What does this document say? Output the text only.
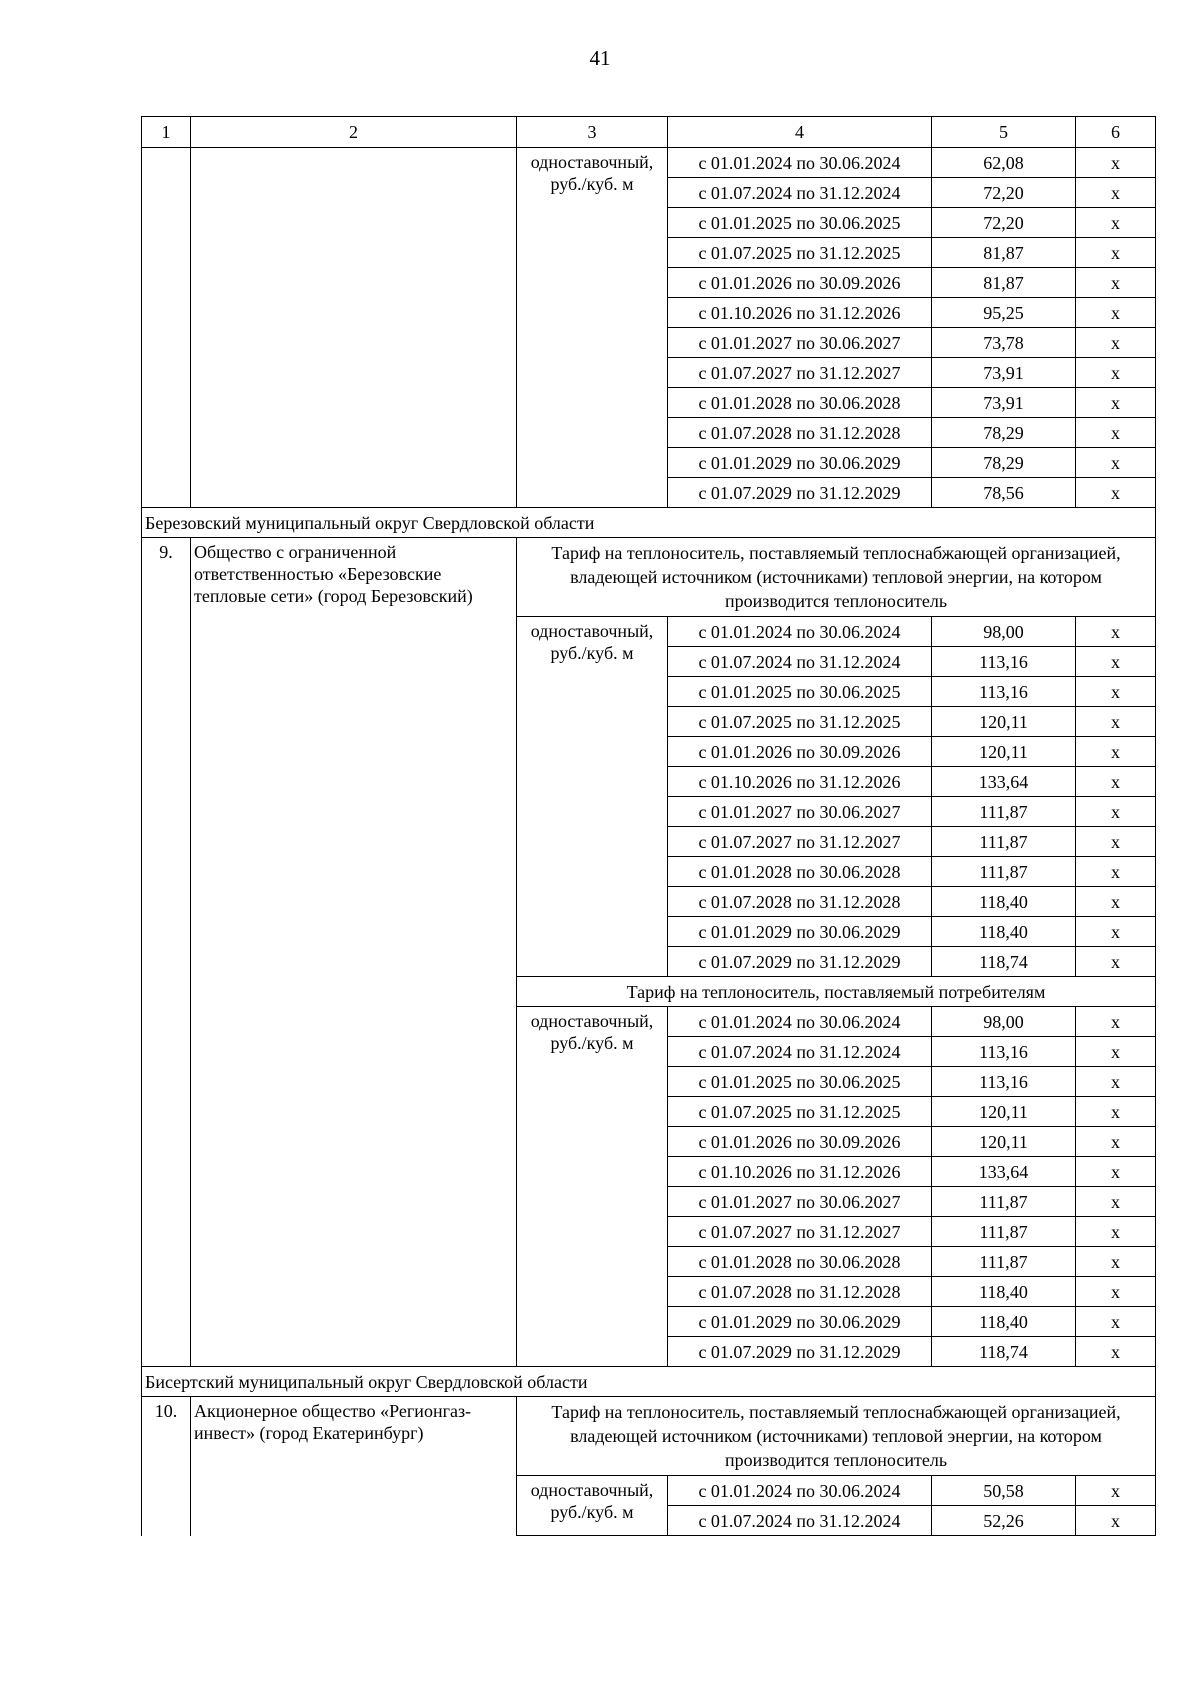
41
1	2	3	4	5	6
		одноставочный, руб./куб. м	с 01.01.2024 по 30.06.2024	62,08	х
			с 01.07.2024 по 31.12.2024	72,20	х
			с 01.01.2025 по 30.06.2025	72,20	х
			с 01.07.2025 по 31.12.2025	81,87	х
			с 01.01.2026 по 30.09.2026	81,87	х
			с 01.10.2026 по 31.12.2026	95,25	х
			с 01.01.2027 по 30.06.2027	73,78	х
			с 01.07.2027 по 31.12.2027	73,91	х
			с 01.01.2028 по 30.06.2028	73,91	х
			с 01.07.2028 по 31.12.2028	78,29	х
			с 01.01.2029 по 30.06.2029	78,29	х
			с 01.07.2029 по 31.12.2029	78,56	х
Березовский муниципальный округ Свердловской области					
9.	Общество с ограниченной ответственностью «Березовские тепловые сети» (город Березовский)	Тариф на теплоноситель, поставляемый теплоснабжающей организацией, владеющей источником (источниками) тепловой энергии, на котором производится теплоноситель			
		одноставочный, руб./куб. м	с 01.01.2024 по 30.06.2024	98,00	х
			с 01.07.2024 по 31.12.2024	113,16	х
			с 01.01.2025 по 30.06.2025	113,16	х
			с 01.07.2025 по 31.12.2025	120,11	х
			с 01.01.2026 по 30.09.2026	120,11	х
			с 01.10.2026 по 31.12.2026	133,64	х
			с 01.01.2027 по 30.06.2027	111,87	х
			с 01.07.2027 по 31.12.2027	111,87	х
			с 01.01.2028 по 30.06.2028	111,87	х
			с 01.07.2028 по 31.12.2028	118,40	х
			с 01.01.2029 по 30.06.2029	118,40	х
			с 01.07.2029 по 31.12.2029	118,74	х
		Тариф на теплоноситель, поставляемый потребителям			
		одноставочный, руб./куб. м	с 01.01.2024 по 30.06.2024	98,00	х
			с 01.07.2024 по 31.12.2024	113,16	х
			с 01.01.2025 по 30.06.2025	113,16	х
			с 01.07.2025 по 31.12.2025	120,11	х
			с 01.01.2026 по 30.09.2026	120,11	х
			с 01.10.2026 по 31.12.2026	133,64	х
			с 01.01.2027 по 30.06.2027	111,87	х
			с 01.07.2027 по 31.12.2027	111,87	х
			с 01.01.2028 по 30.06.2028	111,87	х
			с 01.07.2028 по 31.12.2028	118,40	х
			с 01.01.2029 по 30.06.2029	118,40	х
			с 01.07.2029 по 31.12.2029	118,74	х
Бисертский муниципальный округ Свердловской области					
10.	Акционерное общество «Регионгаз-инвест» (город Екатеринбург)	Тариф на теплоноситель, поставляемый теплоснабжающей организацией, владеющей источником (источниками) тепловой энергии, на котором производится теплоноситель			
		одноставочный, руб./куб. м	с 01.01.2024 по 30.06.2024	50,58	х
			с 01.07.2024 по 31.12.2024	52,26	х
